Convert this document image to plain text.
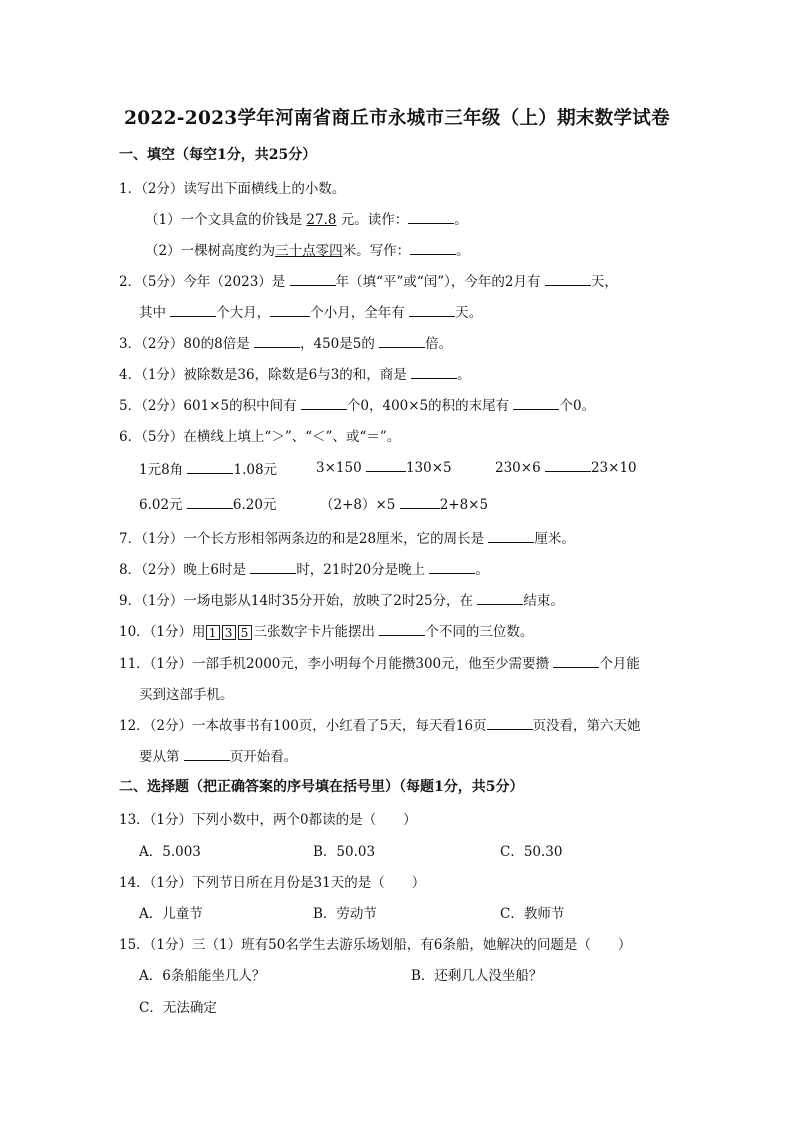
2022-2023学年河南省商丘市永城市三年级（上）期末数学试卷
一、填空（每空1分，共25分）
1．（2分）读写出下面横线上的小数。
（1）一个文具盒的价钱是 27.8 元。读作：	。
（2）一棵树高度约为三十点零四米。写作：	。
2．（5分）今年（2023）是	年（填“平”或“闰”），今年的2月有	天，
其中	个大月，	个小月，全年有	天。
3．（2分）80的8倍是	，450是5的	倍。
4．（1分）被除数是36，除数是6与3的和，商是	。
5．（2分）601×5的积中间有	个0，400×5的积的末尾有	个0。
6．（5分）在横线上填上“＞”、“＜”、或“＝”。
1元8角	1.08元	3×150	130×5	230×6	23×10
6.02元	6.20元	（2+8）×5	2+8×5
7．（1分）一个长方形相邻两条边的和是28厘米，它的周长是	厘米。
8．（2分）晚上6时是	时，21时20分是晚上	。
9．（1分）一场电影从14时35分开始，放映了2时25分，在	结束。
10．（1分）用 1 3 5 三张数字卡片能摆出	个不同的三位数。
11．（1分）一部手机2000元，李小明每个月能攒300元，他至少需要攒	个月能
买到这部手机。
12．（2分）一本故事书有100页，小红看了5天，每天看16页	页没看，第六天她
要从第	页开始看。
二、选择题（把正确答案的序号填在括号里）（每题1分，共5分）
13．（1分）下列小数中，两个0都读的是（　　）
A．5.003	B．50.03	C．50.30
14．（1分）下列节日所在月份是31天的是（　　）
A．儿童节	B．劳动节	C．教师节
15．（1分）三（1）班有50名学生去游乐场划船，有6条船，她解决的问题是（　　）
A．6条船能坐几人？	B．还剩几人没坐船？
C．无法确定
